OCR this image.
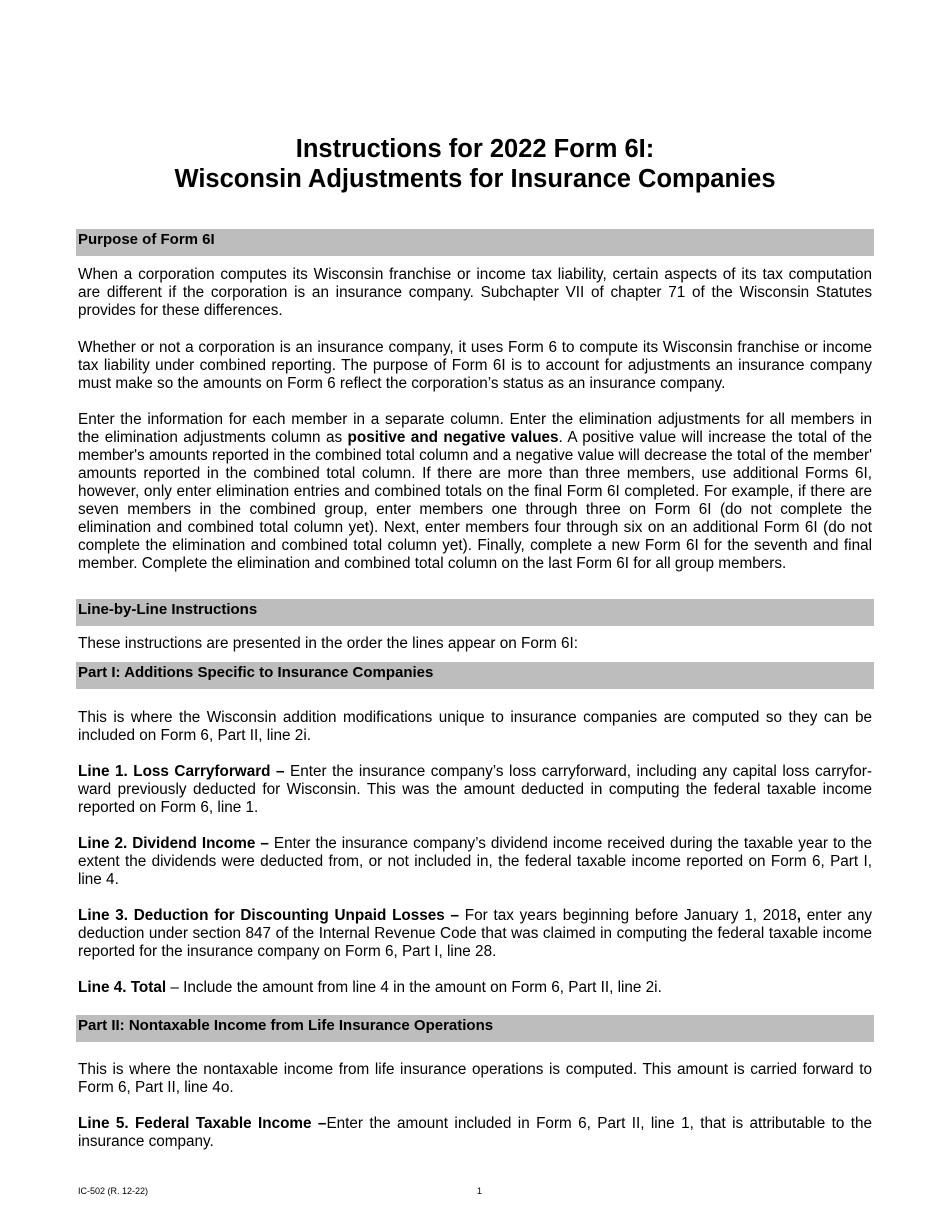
Instructions for 2022 Form 6I:
Wisconsin Adjustments for Insurance Companies
Purpose of Form 6I

When a corporation computes its Wisconsin franchise or income tax liability, certain aspects of its tax computation are different if the corporation is an insurance company. Subchapter VII of chapter 71 of the Wisconsin Statutes provides for these differences.

Whether or not a corporation is an insurance company, it uses Form 6 to compute its Wisconsin franchise or income tax liability under combined reporting. The purpose of Form 6I is to account for adjustments an insurance company must make so the amounts on Form 6 reflect the corporation’s status as an insurance company.

Enter the information for each member in a separate column. Enter the elimination adjustments for all members in the elimination adjustments column as positive and negative values. A positive value will increase the total of the member's amounts reported in the combined total column and a negative value will decrease the total of the member' amounts reported in the combined total column. If there are more than three members, use additional Forms 6I, however, only enter elimination entries and combined totals on the final Form 6I completed. For example, if there are seven members in the combined group, enter members one through three on Form 6I (do not complete the elimination and combined total column yet). Next, enter members four through six on an additional Form 6I (do not complete the elimination and combined total column yet). Finally, complete a new Form 6I for the seventh and final member. Complete the elimination and combined total column on the last Form 6I for all group members.

Line-by-Line Instructions

These instructions are presented in the order the lines appear on Form 6I:

Part I: Additions Specific to Insurance Companies

This is where the Wisconsin addition modifications unique to insurance companies are computed so they can be included on Form 6, Part II, line 2i.

Line 1. Loss Carryforward – Enter the insurance company’s loss carryforward, including any capital loss carryfor-ward previously deducted for Wisconsin. This was the amount deducted in computing the federal taxable income reported on Form 6, line 1.

Line 2. Dividend Income – Enter the insurance company’s dividend income received during the taxable year to the extent the dividends were deducted from, or not included in, the federal taxable income reported on Form 6, Part I, line 4.

Line 3. Deduction for Discounting Unpaid Losses – For tax years beginning before January 1, 2018, enter any deduction under section 847 of the Internal Revenue Code that was claimed in computing the federal taxable income reported for the insurance company on Form 6, Part I, line 28.

Line 4. Total – Include the amount from line 4 in the amount on Form 6, Part II, line 2i.

Part II: Nontaxable Income from Life Insurance Operations

This is where the nontaxable income from life insurance operations is computed. This amount is carried forward to Form 6, Part II, line 4o.

Line 5. Federal Taxable Income –Enter the amount included in Form 6, Part II, line 1, that is attributable to the insurance company.

IC-502 (R. 12-22)	1
